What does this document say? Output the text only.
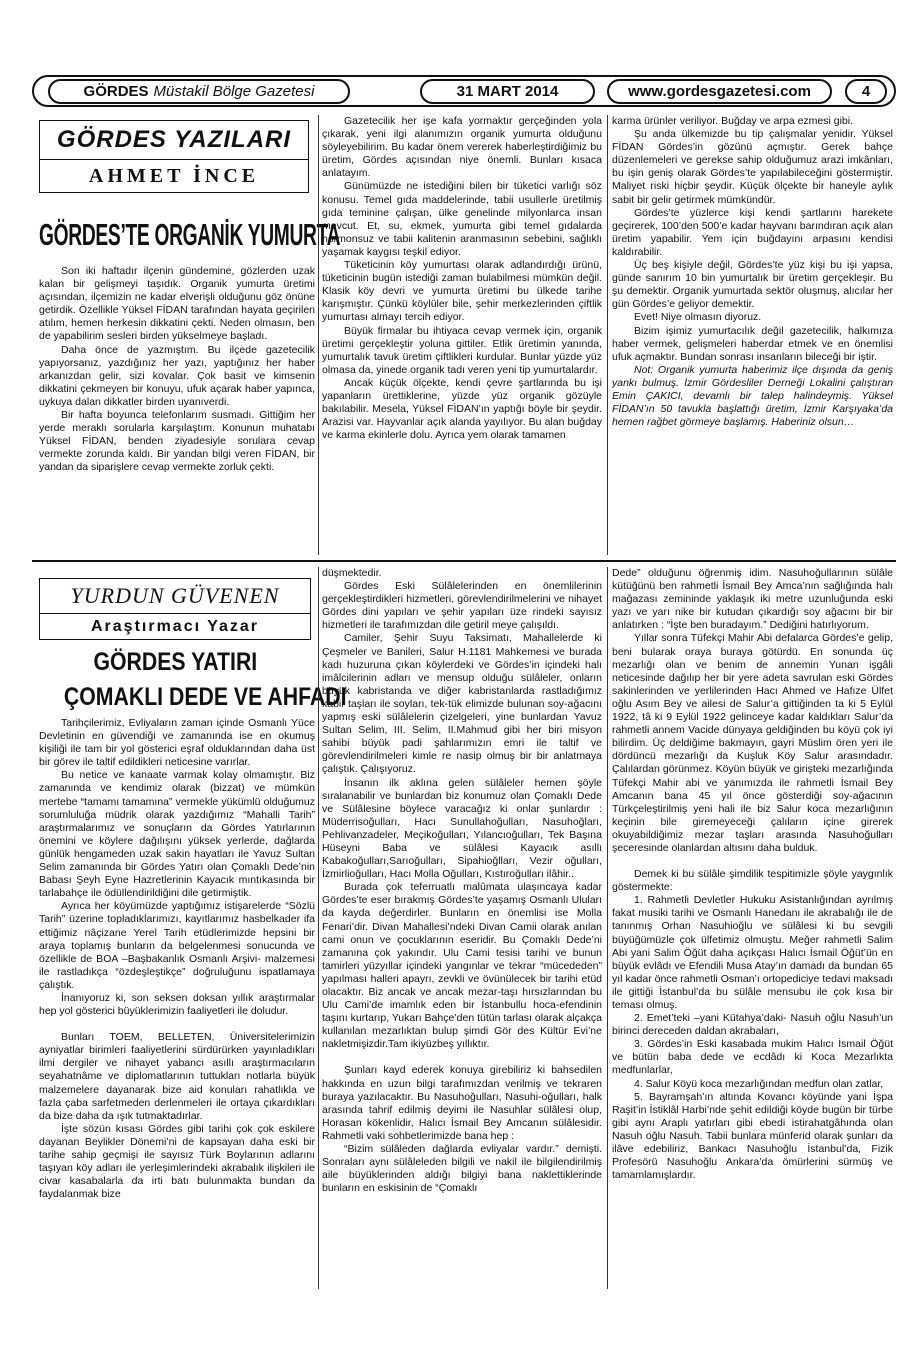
GÖRDES Müstakil Bölge Gazetesi	31 MART 2014	www.gordesgazetesi.com	4
GÖRDES YAZILARI
AHMET İNCE
GÖRDES’TE ORGANİK YUMURTA

Son iki haftadır ilçenin gündemine, gözlerden uzak kalan bir gelişmeyi taşıdık. Organik yumurta üretimi açısından, ilçemizin ne kadar elverişli olduğunu göz önüne getirdik. Özellikle Yüksel FİDAN tarafından hayata geçirilen atılım, hemen herkesin dikkatini çekti. Neden olmasın, ben de yapabilirim sesleri birden yükselmeye başladı.

Daha önce de yazmıştım. Bu ilçede gazetecilik yapıyorsanız, yazdığınız her yazı, yaptığınız her haber arkanızdan gelir, sizi kovalar. Çok basit ve kimsenin dikkatini çekmeyen bir konuyu, ufuk açarak haber yapınca, uykuya dalan dikkatler birden uyanıverdi.

Bir hafta boyunca telefonlarım susmadı. Gittiğim her yerde meraklı sorularla karşılaştım. Konunun muhatabı Yüksel FİDAN, benden ziyadesiyle sorulara cevap vermekte zorunda kaldı. Bir yandan bilgi veren FİDAN, bir yandan da siparişlere cevap vermekte zorluk çekti.

Gazetecilik her işe kafa yormaktır gerçeğinden yola çıkarak, yeni ilgi alanımızın organik yumurta olduğunu söyleyebilirim. Bu kadar önem vererek haberleştirdiğimiz bu üretim, Gördes açısından niye önemli. Bunları kısaca anlatayım.

Günümüzde ne istediğini bilen bir tüketici varlığı söz konusu. Temel gıda maddelerinde, tabii usullerle üretilmiş gıda teminine çalışan, ülke genelinde milyonlarca insan mevcut. Et, su, ekmek, yumurta gibi temel gıdalarda hormonsuz ve tabii kalitenin aranmasının sebebini, sağlıklı yaşamak kaygısı teşkil ediyor.

Tüketicinin köy yumurtası olarak adlandırdığı ürünü, tüketicinin bugün istediği zaman bulabilmesi mümkün değil. Klasik köy devri ve yumurta üretimi bu ülkede tarihe karışmıştır. Çünkü köylüler bile, şehir merkezlerinden çiftlik yumurtası almayı tercih ediyor.

Büyük firmalar bu ihtiyaca cevap vermek için, organik üretimi gerçekleştir yoluna gittiler. Etlik üretimin yanında, yumurtalık tavuk üretim çiftlikleri kurdular. Bunlar yüzde yüz olmasa da, yinede organik tadı veren yeni tip yumurtalardır.

Ancak küçük ölçekte, kendi çevre şartlarında bu işi yapanların ürettiklerine, yüzde yüz organik gözüyle bakılabilir. Mesela, Yüksel FİDAN’ın yaptığı böyle bir şeydir. Arazisi var. Hayvanlar açık alanda yayılıyor. Bu alan buğday ve karma ekinlerle dolu. Ayrıca yem olarak tamamen

karma ürünler veriliyor. Buğday ve arpa ezmesi gibi.

Şu anda ülkemizde bu tip çalışmalar yenidir. Yüksel FİDAN Gördes’in gözünü açmıştır. Gerek bahçe düzenlemeleri ve gerekse sahip olduğumuz arazi imkânları, bu işin geniş olarak Gördes’te yapılabileceğini göstermiştir. Maliyet riski hiçbir şeydir. Küçük ölçekte bir haneyle aylık sabit bir gelir getirmek mümkündür.

Gördes’te yüzlerce kişi kendi şartlarını harekete geçirerek, 100’den 500’e kadar hayvanı barındıran açık alan üretim yapabilir. Yem için buğdayını arpasını kendisi kaldırabilir.

Üç beş kişiyle değil, Gördes’te yüz kişi bu işi yapsa, günde sanırım 10 bin yumurtalık bir üretim gerçekleşir. Bu şu demektir. Organik yumurtada sektör oluşmuş, alıcılar her gün Gördes’e geliyor demektir.

Evet! Niye olmasın diyoruz.

Bizim işimiz yumurtacılık değil gazetecilik, halkımıza haber vermek, gelişmeleri haberdar etmek ve en önemlisi ufuk açmaktır. Bundan sonrası insanların bileceği bir iştir.

Not: Organik yumurta haberimiz ilçe dışında da geniş yankı bulmuş. İzmir Gördesliler Derneği Lokalini çalıştıran Emin ÇAKICI, devamlı bir talep halindeymiş. Yüksel FİDAN’ın 50 tavukla başlattığı üretim, İzmir Karşıyaka’da hemen rağbet görmeye başlamış. Haberiniz olsun…

YURDUN GÜVENEN
Araştırmacı Yazar
GÖRDES YATIRI
ÇOMAKLI DEDE VE AHFADI

Tarihçilerimiz, Evliyaların zaman içinde Osmanlı Yüce Devletinin en güvendiği ve zamanında ise en okumuş kişiliği ile tam bir yol gösterici eşraf olduklarından daha üst bir görev ile taltif edildikleri neticesine varırlar.

Bu netice ve kanaate varmak kolay olmamıştır. Biz zamanında ve kendimiz olarak (bizzat) ve mümkün mertebe “tamamı tamamına” vermekle yükümlü olduğumuz sorumluluğa müdrik olarak yazdığımız “Mahalli Tarih” araştırmalarımız ve sonuçların da Gördes Yatırlarının önemini ve köylere dağılışını yüksek yerlerde, dağlarda günlük hengameden uzak sakin hayatları ile Yavuz Sultan Selim zamanında bir Gördes Yatırı olan Çomaklı Dede’nin Babası Şeyh Eyne Hazretlerinin Kayacık mıntıkasında bir tarlabahçe ile ödüllendirildiğini dile getirmiştik.

Ayrıca her köyümüzde yaptığımız istişarelerde “Sözlü Tarih” üzerine topladıklarımızı, kayıtlarımız hasbelkader ifa ettiğimiz nâçizane Yerel Tarih etüdlerimizde hepsini bir araya toplamış bunların da belgelenmesi sonucunda ve özellikle de BOA –Başbakanlık Osmanlı Arşivi- malzemesi ile rastladıkça “özdeşleştikçe” doğruluğunu ispatlamaya çalıştık.

İnanıyoruz ki, son seksen doksan yıllık araştırmalar hep yol gösterici büyüklerimizin faaliyetleri ile doludur.

Bunları TOEM, BELLETEN, Üniversitelerimizin ayniyatlar birimleri faaliyetlerini sürdürürken yayınladıkları ilmi dergiler ve nihayet yabancı asıllı araştırmacıların seyahatnâme ve diplomatlarının tuttukları notlarla büyük malzemelere dayanarak bize aid konuları rahatlıkla ve fazla çaba sarfetmeden derlenmeleri ile ortaya çıkardıkları da bize daha da ışık tutmaktadırlar.

İşte sözün kısası Gördes gibi tarihi çok çok eskilere dayanan Beylikler Dönemi’ni de kapsayan daha eski bir tarihe sahip geçmişi ile sayısız Türk Boylarının adlarını taşıyan köy adları ile yerleşimlerindeki akrabalık ilişkileri ile civar kasabalarla da irti batı bulunmakta bundan da faydalanmak bize

düşmektedir.

Gördes Eski Sülâlelerinden en önemlilerinin gerçekleştirdikleri hizmetleri, görevlendirilmelerini ve nihayet Gördes dini yapıları ve şehir yapıları üze rindeki sayısız hizmetleri ile tarafımızdan dile getiril meye çalışıldı.

Camiler, Şehir Suyu Taksimatı, Mahallelerde ki Çeşmeler ve Banileri, Salur H.1181 Mahkemesi ve burada kadı huzuruna çıkan köylerdeki ve Gördes’in içindeki halı imâlcilerinin adları ve mensup olduğu sülâleler, onların büyük kabristanda ve diğer kabristanlarda rastladığımız kabir taşları ile soyları, tek-tük elimizde bulunan soy-ağacını yapmış eski sülâlelerin çizelgeleri, yine bunlardan Yavuz Sultan Selim, III. Selim, II.Mahmud gibi her biri misyon sahibi büyük padi şahlarımızın emri ile taltif ve görevlendirilmeleri kimle re nasip olmuş bir bir anlatmaya çalıştık. Çalışıyoruz.

İnsanın ilk aklına gelen sülâleler hemen şöyle sıralanabilir ve bunlardan biz konumuz olan Çomaklı Dede ve Sülâlesine böylece varacağız ki onlar şunlardır : Müderrisoğulları, Hacı Sunullahoğulları, Nasuhoğları, Pehlivanzadeler, Meçikoğulları, Yılancıoğulları, Tek Başına Hüseyni Baba ve sülâlesi Kayacık asıllı Kabakoğulları,Sarıoğulları, Sipahioğlları, Vezir oğulları, İzmirlioğulları, Hacı Molla Oğulları, Kıstıroğulları ilâhir..

Burada çok teferruatlı malûmata ulaşıncaya kadar Gördes’te eser bırakmış Gördes’te yaşamış Osmanlı Uluları da kayda değerdirler. Bunların en önemlisi ise Molla Fenari’dir. Divan Mahallesi’ndeki Divan Camii olarak anılan cami onun ve çocuklarının eseridir. Bu Çomaklı Dede’ni zamanına çok yakındır. Ulu Cami tesisi tarihi ve bunun tamirleri yüzyıllar içindeki yangınlar ve tekrar “mücededen” yapılması halleri apayrı, zevkli ve övünülecek bir tarihi etüd olacaktır. Biz ancak ve ancak mezar-taşı hırsızlarından bu Ulu Cami’de imamlık eden bir İstanbullu hoca-efendinin taşını kurtarıp, Yukarı Bahçe’den tütün tarlası olarak alçakça kullanılan mezarlıktan bulup şimdi Gör des Kültür Evi’ne nakletmişizdir.Tam ikiyüzbeş yıllıktır.

Şunları kayd ederek konuya girebiliriz ki bahsedilen hakkında en uzun bilgi tarafımızdan verilmiş ve tekraren buraya yazılacaktır. Bu Nasuhoğulları, Nasuhi-oğulları, halk arasında tahrif edilmiş deyimi ile Nasuhlar sülâlesi olup, Horasan kökenlidir, Halıcı İsmail Bey Amcanın sülâlesidir. Rahmetli vaki sohbetlerimizde bana hep :

“Bizim sülâleden dağlarda evliyalar vardır.” demişti. Sonraları aynı sülâleleden bilgili ve nakil ile bilgilendirilmiş aile büyüklerinden aldığı bilgiyi bana naklettiklerinde bunların en eskisinin de “Çomaklı

Dede” olduğunu öğrenmiş idim. Nasuhoğullarının sülâle kütüğünü ben rahmetli İsmail Bey Amca’nın sağlığında halı mağazası zemininde yaklaşık iki metre uzunluğunda eski yazı ve yarı nike bir kutudan çıkardığı soy ağacını bir bir anlatırken : “İşte ben buradayım.” Dediğini hatırlıyorum.

Yıllar sonra Tüfekçi Mahir Abi defalarca Gördes’e gelip, beni bularak oraya buraya götürdü. En sonunda üç mezarlığı olan ve benim de annemin Yunan işgâli neticesinde dağılıp her bir yere adeta savrulan eski Gördes sakinlerinden ve yerlilerinden Hacı Ahmed ve Hafıze Ülfet oğlu Asım Bey ve ailesi de Salur’a gittiğinden ta ki 5 Eylül 1922, tâ ki 9 Eylül 1922 gelinceye kadar kaldıkları Salur’da rahmetli annem Vacide dünyaya geldiğinden bu köyü çok iyi bilirdim. Üç deldiğime bakmayın, gayri Müslim ören yeri ile dördüncü mezarlığı da Kuşluk Köy Salur arasındadır. Çalılardan görünmez. Köyün büyük ve girişteki mezarlığında Tüfekçi Mahir abi ve yanımızda ile rahmetli İsmail Bey Amcanın bana 45 yıl önce gösterdiği soy-ağacının Türkçeleştirilmiş yeni hali ile biz Salur koca mezarlığının keçinin bile giremeyeceği çalıların içine girerek okuyabildiğimiz mezar taşları arasında Nasuhoğulları şeceresinde olanlardan altısını daha bulduk.

Demek ki bu sülâle şimdilik tespitimizle şöyle yaygınlık göstermekte:

1. Rahmetli Devletler Hukuku Asistanlığından ayrılmış fakat musiki tarihi ve Osmanlı Hanedanı ile akrabalığı ile de tanınmış Orhan Nasuhioğlu ve sülâlesi ki bu sevgili büyüğümüzle çok ülfetimiz olmuştu. Meğer rahmetli Salim Abi yani Salim Öğüt daha açıkçası Halıcı İsmail Öğüt’ün en büyük evlâdı ve Efendili Musa Atay’ın damadı da bundan 65 yıl kadar önce rahmetli Osman’ı ortopediciye tedavi maksadı ile gittiği İstanbul’da bu sülâle mensubu ile çok kısa bir teması olmuş.

2. Emet’teki –yani Kütahya’daki- Nasuh oğlu Nasuh’un birinci dereceden daldan akrabaları,

3. Gördes’in Eski kasabada mukim Halıcı İsmail Öğüt ve bütün baba dede ve ecdâdı ki Koca Mezarlıkta medfunlarlar,

4. Salur Köyü koca mezarlığından medfun olan zatlar,

5. Bayramşah’ın altında Kovancı köyünde yani İşpa Raşit’in İstiklâl Harbi’nde şehit edildiği köyde bugün bir türbe gibi aynı Araplı yatırları gibi ebedi istirahatgâhında olan Nasuh oğlu Nasuh. Tabii bunlara münferid olarak şunları da ilâve edebiliriz, Bankacı Nasuhoğlu İstanbul’da, Fizik Profesörü Nasuhoğlu Ankara’da ömürlerini sürmüş ve tamamlamışlardır.
